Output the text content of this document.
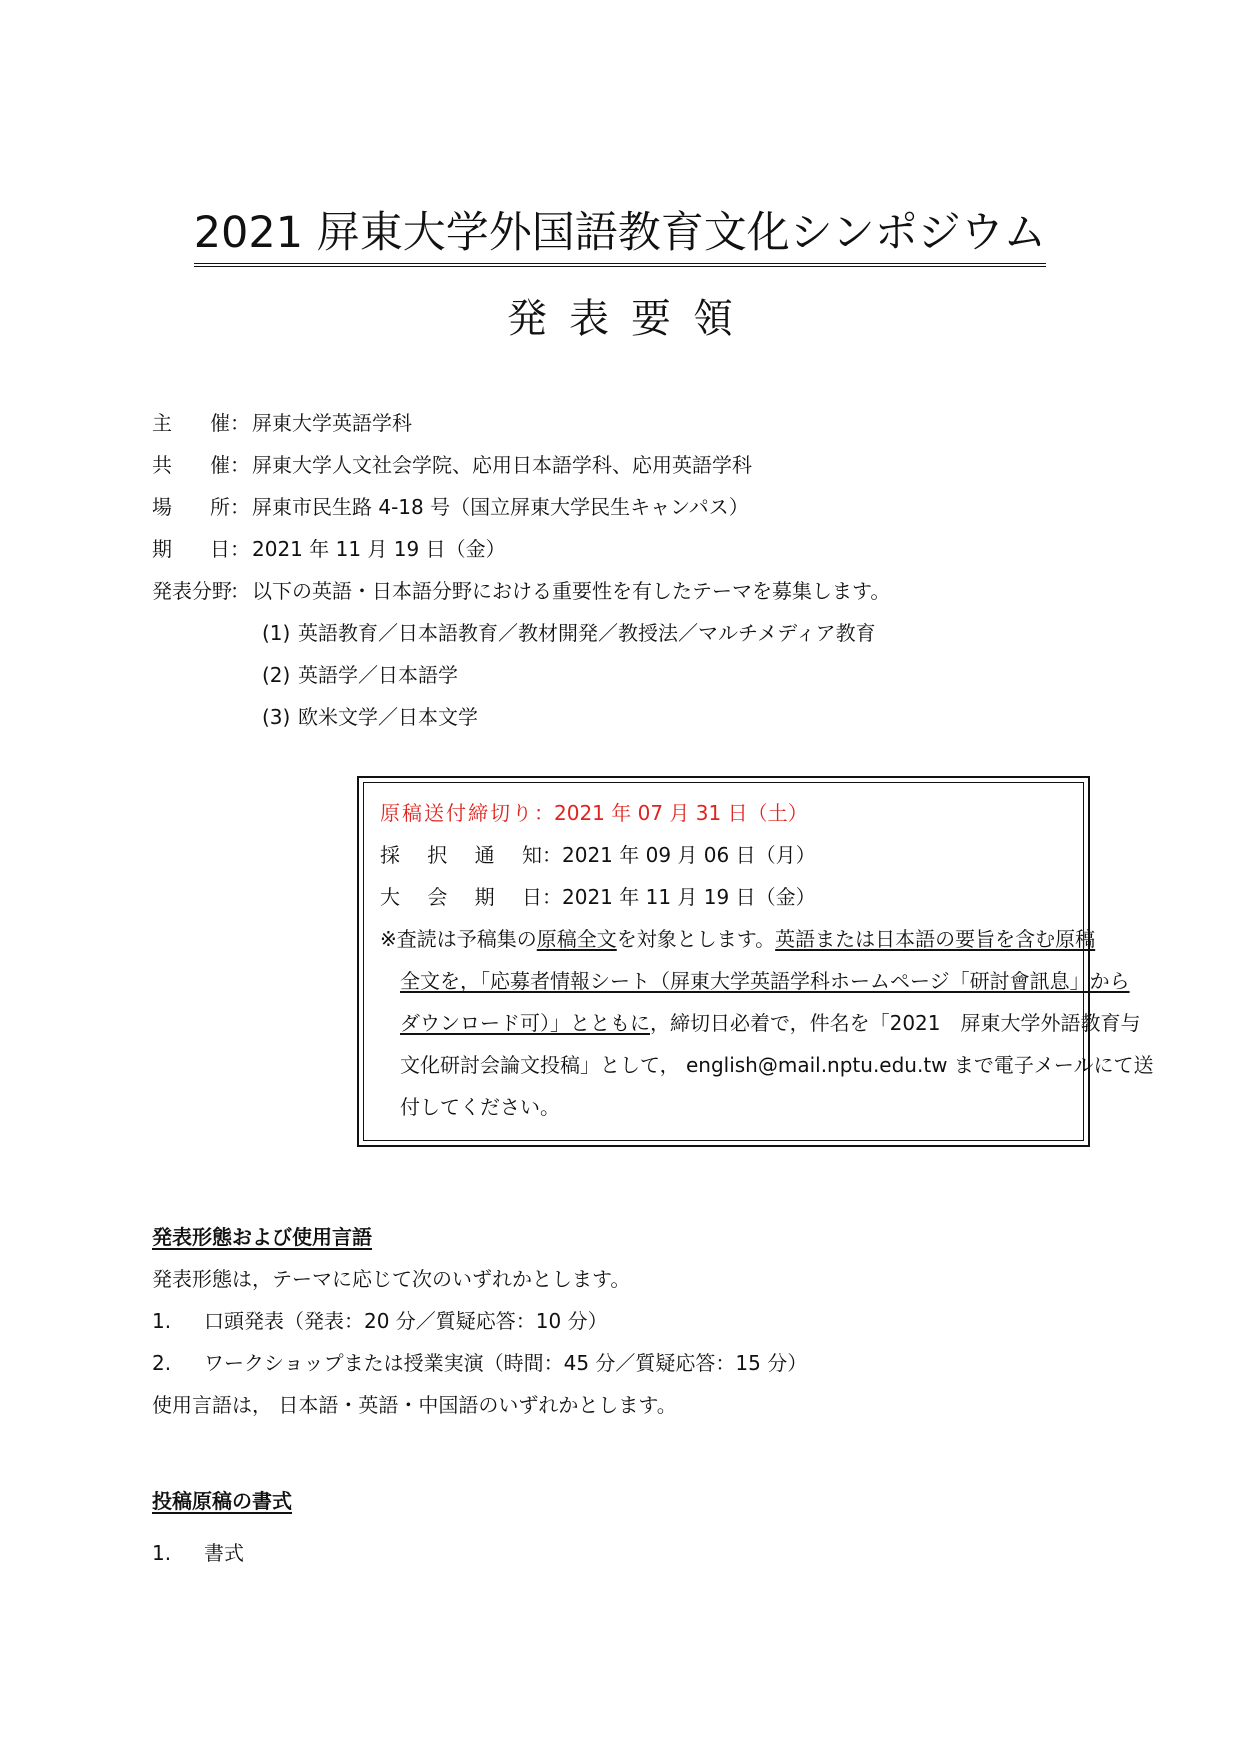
2021 屏東大学外国語教育文化シンポジウム
発表要領
主 催 ： 屏東大学英語学科
共 催 ： 屏東大学人文社会学院、応用日本語学科、応用英語学科
場 所 ： 屏東市民生路 4-18 号（国立屏東大学民生キャンパス）
期 日 ： 2021 年 11 月 19 日（金）
発表分野
： 以下の英語・日本語分野における重要性を有したテーマを募集します。
(1) 英語教育／日本語教育／教材開発／教授法／マルチメディア教育
(2) 英語学／日本語学
(3) 欧米文学／日本文学
原稿送付締切り ： 2021 年 07 月 31 日（土）
採 択 通 知 ： 2021 年 09 月 06 日（月）
大 会 期 日 ： 2021 年 11 月 19 日（金）
※査読は予稿集の原稿全文を対象とします。英語または日本語の要旨を含む原稿
全文を，「応募者情報シート（屏東大学英語学科ホームページ「研討會訊息」から
ダウンロード可）」とともに，締切日必着で，件名を「2021　屏東大学外語教育与
文化研討会論文投稿」として， english@mail.nptu.edu.tw まで電子メールにて送
付してください。
発表形態および使用言語
発表形態は，テーマに応じて次のいずれかとします。
1.	口頭発表（発表：20 分／質疑応答：10 分）
2.	ワークショップまたは授業実演（時間：45 分／質疑応答：15 分）
使用言語は， 日本語・英語・中国語のいずれかとします。
投稿原稿の書式
1.	書式
